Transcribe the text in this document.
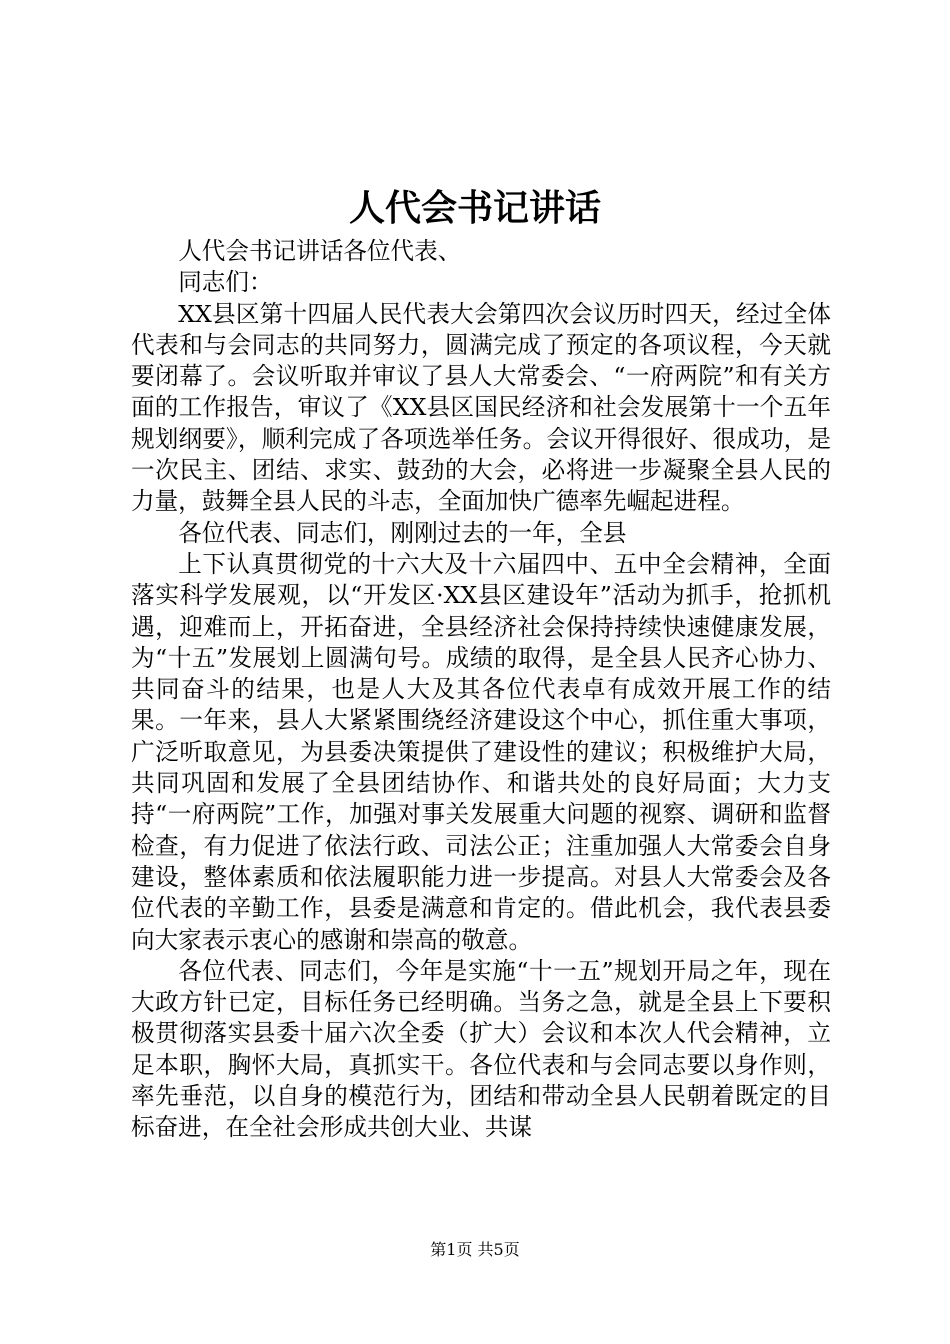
人代会书记讲话

人代会书记讲话各位代表、

同志们：

XX县区第十四届人民代表大会第四次会议历时四天，经过全体代表和与会同志的共同努力，圆满完成了预定的各项议程，今天就要闭幕了。会议听取并审议了县人大常委会、“一府两院”和有关方面的工作报告，审议了《XX县区国民经济和社会发展第十一个五年规划纲要》，顺利完成了各项选举任务。会议开得很好、很成功，是一次民主、团结、求实、鼓劲的大会，必将进一步凝聚全县人民的力量，鼓舞全县人民的斗志，全面加快广德率先崛起进程。

各位代表、同志们，刚刚过去的一年，全县

上下认真贯彻党的十六大及十六届四中、五中全会精神，全面落实科学发展观，以“开发区·XX县区建设年”活动为抓手，抢抓机遇，迎难而上，开拓奋进，全县经济社会保持持续快速健康发展，为“十五”发展划上圆满句号。成绩的取得，是全县人民齐心协力、共同奋斗的结果，也是人大及其各位代表卓有成效开展工作的结果。一年来，县人大紧紧围绕经济建设这个中心，抓住重大事项，广泛听取意见，为县委决策提供了建设性的建议；积极维护大局，共同巩固和发展了全县团结协作、和谐共处的良好局面；大力支持“一府两院”工作，加强对事关发展重大问题的视察、调研和监督检查，有力促进了依法行政、司法公正；注重加强人大常委会自身建设，整体素质和依法履职能力进一步提高。对县人大常委会及各位代表的辛勤工作，县委是满意和肯定的。借此机会，我代表县委向大家表示衷心的感谢和崇高的敬意。

各位代表、同志们，今年是实施“十一五”规划开局之年，现在大政方针已定，目标任务已经明确。当务之急，就是全县上下要积极贯彻落实县委十届六次全委（扩大）会议和本次人代会精神，立足本职，胸怀大局，真抓实干。各位代表和与会同志要以身作则，率先垂范，以自身的模范行为，团结和带动全县人民朝着既定的目标奋进，在全社会形成共创大业、共谋

第1页 共5页
